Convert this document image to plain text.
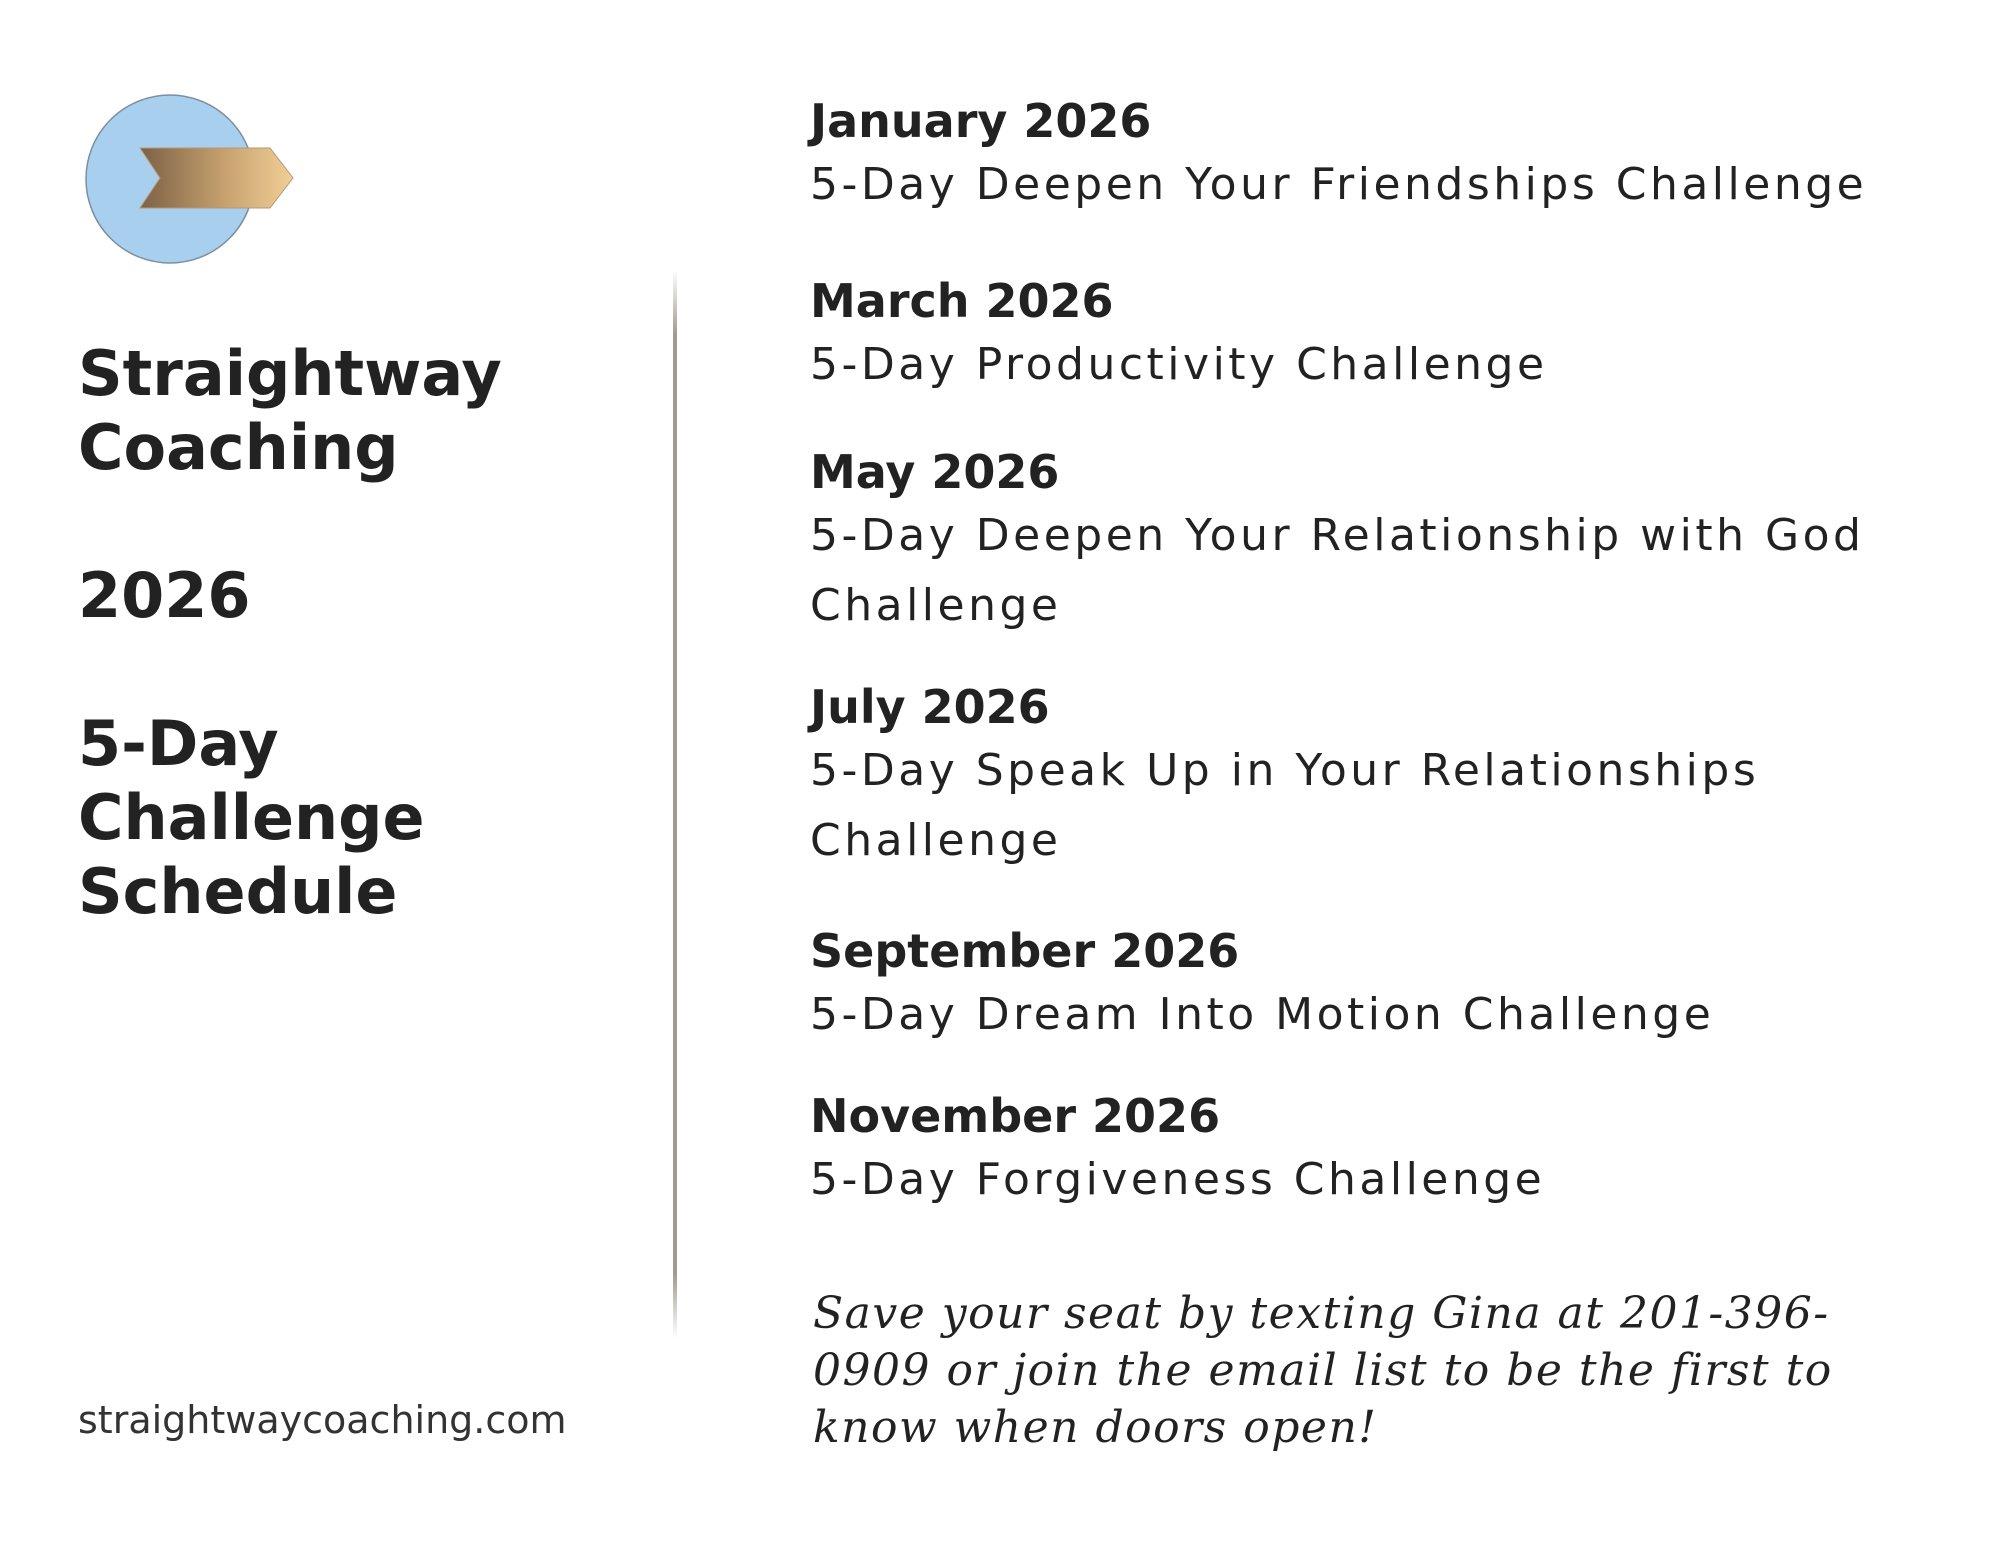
Straightway
Coaching
2026
5-Day
Challenge
Schedule
straightwaycoaching.com
January 2026
5-Day Deepen Your Friendships Challenge
March 2026
5-Day Productivity Challenge
May 2026
5-Day Deepen Your Relationship with God Challenge
July 2026
5-Day Speak Up in Your Relationships Challenge
September 2026
5-Day Dream Into Motion Challenge
November 2026
5-Day Forgiveness Challenge
Save your seat by texting Gina at 201-396-0909 or join the email list to be the first to know when doors open!
